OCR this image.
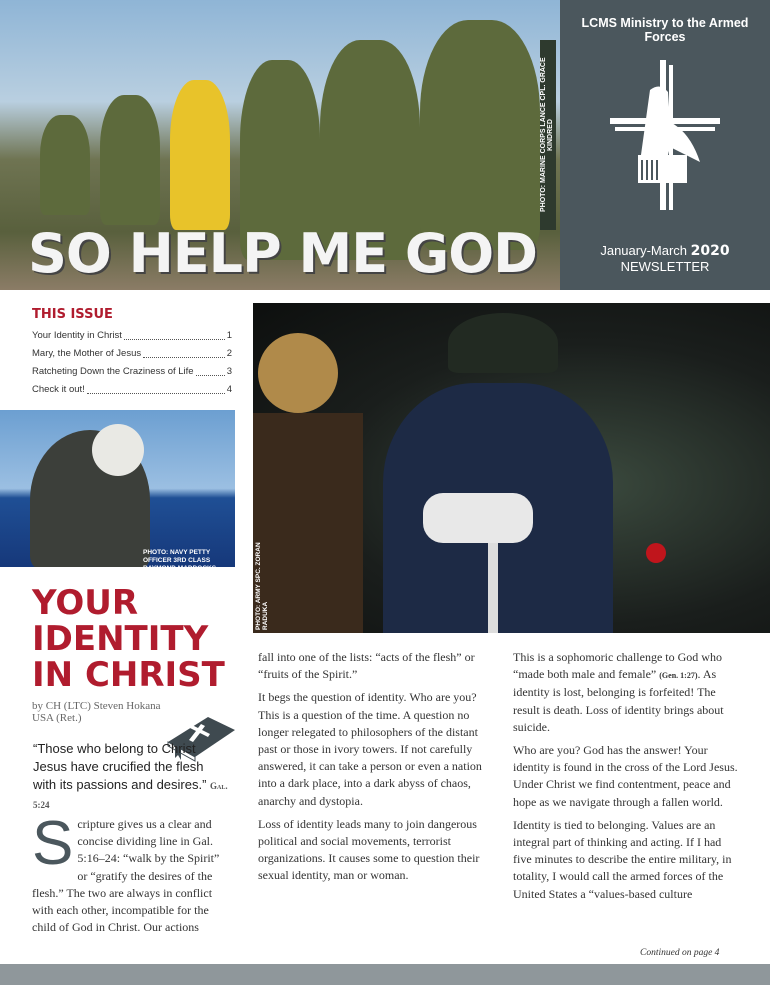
SO HELP ME GOD
PHOTO: MARINE CORPS LANCE CPL. GRACE KINDRED
LCMS Ministry to the Armed Forces
January-March 2020
NEWSLETTER
THIS ISSUE
Your Identity in Christ	1
Mary, the Mother of Jesus	2
Ratcheting Down the Craziness of Life	3
Check it out!	4
PHOTO: NAVY PETTY OFFICER 3RD CLASS RAYMOND MADDOCKS	PHOTO: ARMY SPC. ZORAN RADUKA
YOUR
IDENTITY
IN CHRIST
by CH (LTC) Steven Hokana
USA (Ret.)
“Those who belong to Christ Jesus have crucified the flesh with its passions and desires.” Gal. 5:24
S cripture gives us a clear and concise dividing line in Gal. 5:16–24: “walk by the Spirit” or “gratify the desires of the flesh.” The two are always in conflict with each other, incompatible for the child of God in Christ. Our actions

fall into one of the lists: “acts of the flesh” or “fruits of the Spirit.”

It begs the question of identity. Who are you? This is a question of the time. A question no longer relegated to philosophers of the distant past or those in ivory towers. If not carefully answered, it can take a person or even a nation into a dark place, into a dark abyss of chaos, anarchy and dystopia.

Loss of identity leads many to join dangerous political and social movements, terrorist organizations. It causes some to question their sexual identity, man or woman.

This is a sophomoric challenge to God who “made both male and female” (Gen. 1:27). As identity is lost, belonging is forfeited! The result is death. Loss of identity brings about suicide.

Who are you? God has the answer! Your identity is found in the cross of the Lord Jesus. Under Christ we find contentment, peace and hope as we navigate through a fallen world.

Identity is tied to belonging. Values are an integral part of thinking and acting. If I had five minutes to describe the entire military, in totality, I would call the armed forces of the United States a “values-based culture

Continued on page 4
